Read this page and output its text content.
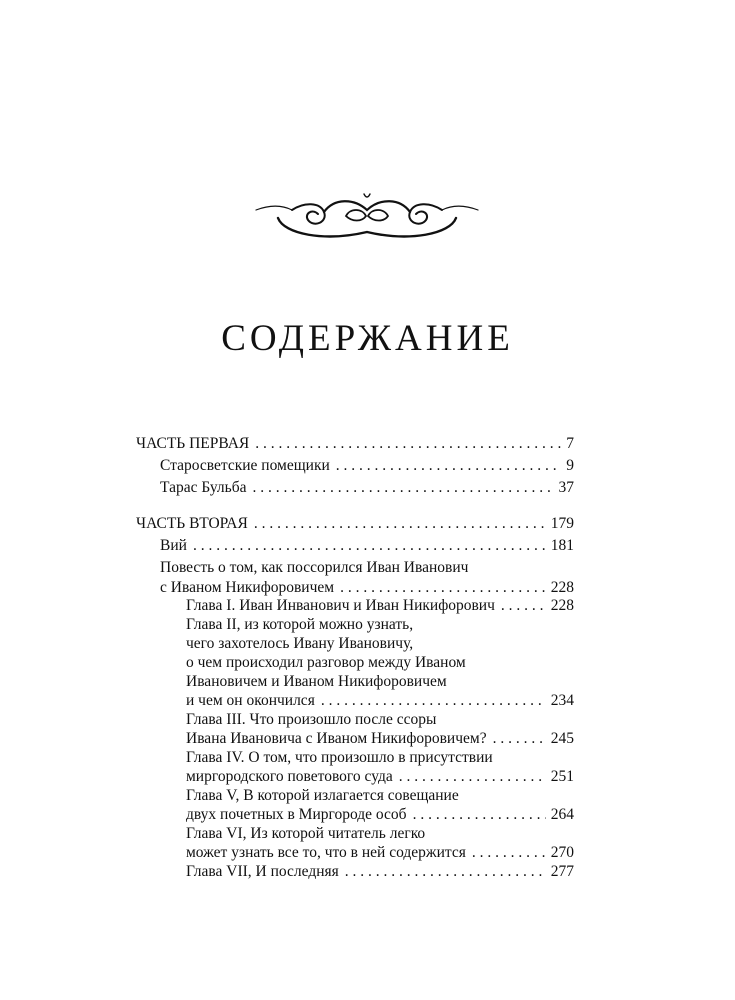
СОДЕРЖАНИЕ
ЧАСТЬ ПЕРВАЯ . . .	7
Старосветские помещики . . .	9
Тарас Бульба . . .	37
ЧАСТЬ ВТОРАЯ . . .	179
Вий . . .	181
Повесть о том, как поссорился Иван Иванович
с Иваном Никифоровичем . . .	228
Глава I. Иван Инванович и Иван Никифорович . . .	228
Глава II, из которой можно узнать,
чего захотелось Ивану Ивановичу,
о чем происходил разговор между Иваном
Ивановичем и Иваном Никифоровичем
и чем он окончился . . .	234
Глава III. Что произошло после ссоры
Ивана Ивановича с Иваном Никифоровичем? . . .	245
Глава IV. О том, что произошло в присутствии
миргородского поветового суда . . .	251
Глава V, В которой излагается совещание
двух почетных в Миргороде особ . . .	264
Глава VI, Из которой читатель легко
может узнать все то, что в ней содержится . . .	270
Глава VII, И последняя . . .	277
